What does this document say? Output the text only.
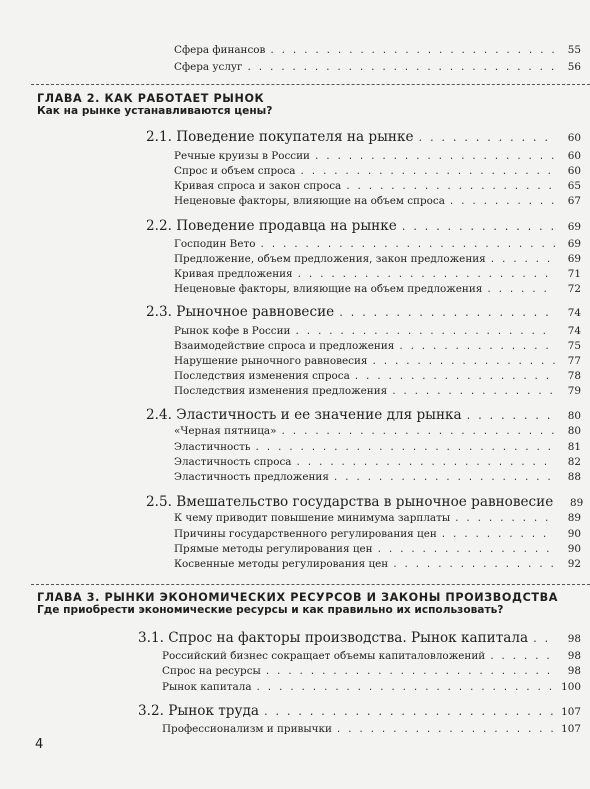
Сфера финансов . . .	55
Сфера услуг . . .	56
ГЛАВА 2. КАК РАБОТАЕТ РЫНОК
Как на рынке устанавливаются цены?
2.1. Поведение покупателя на рынке . . .	60
Речные круизы в России . . .	60
Спрос и объем спроса . . .	60
Кривая спроса и закон спроса . . .	65
Неценовые факторы, влияющие на объем спроса . . .	67
2.2. Поведение продавца на рынке . . .	69
Господин Вето . . .	69
Предложение, объем предложения, закон предложения . . .	69
Кривая предложения . . .	71
Неценовые факторы, влияющие на объем предложения . . .	72
2.3. Рыночное равновесие . . .	74
Рынок кофе в России . . .	74
Взаимодействие спроса и предложения . . .	75
Нарушение рыночного равновесия . . .	77
Последствия изменения спроса . . .	78
Последствия изменения предложения . . .	79
2.4. Эластичность и ее значение для рынка . . .	80
«Черная пятница» . . .	80
Эластичность . . .	81
Эластичность спроса . . .	82
Эластичность предложения . . .	88
2.5. Вмешательство государства в рыночное равновесие	89
К чему приводит повышение минимума зарплаты . . .	89
Причины государственного регулирования цен . . .	90
Прямые методы регулирования цен . . .	90
Косвенные методы регулирования цен . . .	92
ГЛАВА 3. РЫНКИ ЭКОНОМИЧЕСКИХ РЕСУРСОВ И ЗАКОНЫ ПРОИЗВОДСТВА
Где приобрести экономические ресурсы и как правильно их использовать?
3.1. Спрос на факторы производства. Рынок капитала . . .	98
Российский бизнес сокращает объемы капиталовложений . . .	98
Спрос на ресурсы . . .	98
Рынок капитала . . .	100
3.2. Рынок труда . . .	107
Профессионализм и привычки . . .	107
4
